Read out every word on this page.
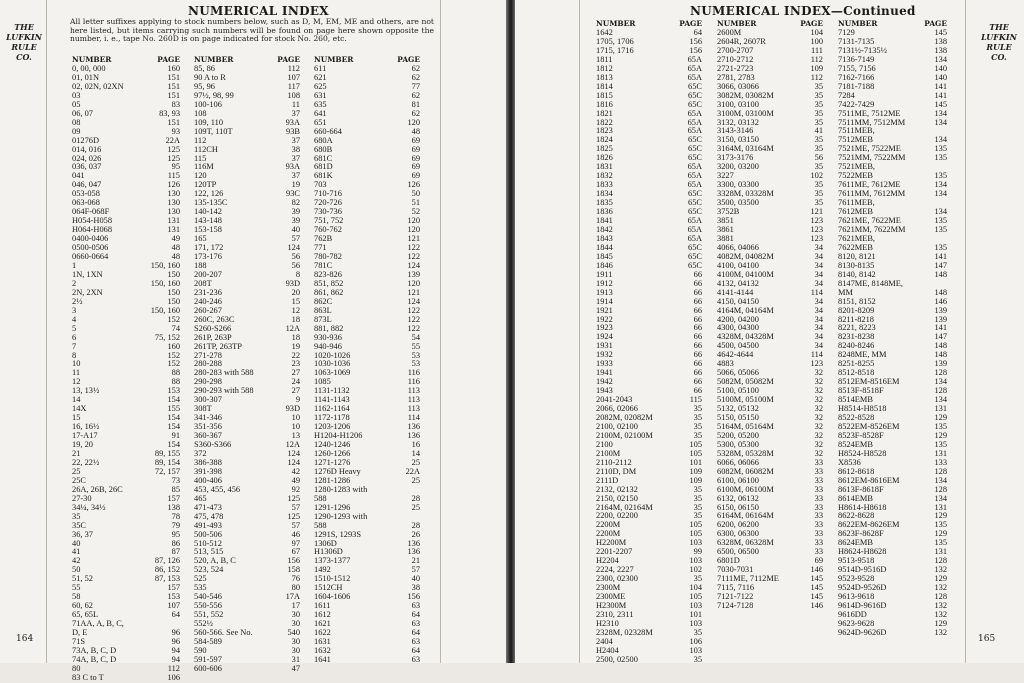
THE
LUFKIN
RULE
CO.
NUMERICAL INDEX
All letter suffixes applying to stock numbers below, such as D, M, EM, ME and others, are not here listed, but items carrying such numbers will be found on page here shown opposite the number, i. e., tape No. 260D is on page indicated for stock No. 260, etc.
NUMBER	PAGE
0, 00, 000	160
01, 01N	151
02, 02N, 02XN	151
03	151
05	83
06, 07	83, 93
08	151
09	93
01276D	22A
014, 016	125
024, 026	125
036, 037	95
041	115
046, 047	126
053-058	130
063-068	130
064F-068F	130
H054-H058	131
H064-H068	131
0400-0406	49
0500-0506	48
0660-0664	48
1	150, 160
1N, 1XN	150
2	150, 160
2N, 2XN	150
2½	150
3	150, 160
4	152
5	74
6	75, 152
7	160
8	152
10	152
11	88
12	88
13, 13½	153
14	154
14X	155
15	154
16, 16½	154
17-A17	91
19, 20	154
21	89, 155
22, 22½	89, 154
25	72, 157
25C	73
26A, 26B, 26C	85
27-30	157
34¼, 34½	138
35	78
35C	79
36, 37	95
40	86
41	87
42	87, 126
50	86, 152
51, 52	87, 153
55	157
58	153
60, 62	107
65, 65L	64
71AA, A, B, C,
D, E	96
71S	96
73A, B, C, D	94
74A, B, C, D	94
80	112
83 C to T	106
NUMBER	PAGE
85, 86	112
90 A to R	107
95, 96	117
97½, 98, 99	108
100-106	11
108	37
109, 110	93A
109T, 110T	93B
112	37
112CH	38
115	37
116M	93A
120	37
120TP	19
122, 126	93C
135-135C	82
140-142	39
143-148	39
153-158	40
165	57
171, 172	124
173-176	56
188	56
200-207	8
208T	93D
231-236	20
240-246	15
260-267	12
260C, 263C	18
S260-S266	12A
261P, 263P	18
261TP, 263TP	19
271-278	22
280-288	23
280-283 with 588	27
290-298	24
290-293 with 588	27
300-307	9
308T	93D
341-346	10
351-356	10
360-367	13
S360-S366	12A
372	124
386-388	124
391-398	42
400-406	49
453, 455, 456	92
465	125
471-473	57
475, 478	125
491-493	57
500-506	46
510-512	97
513, 515	67
520, A, B, C	156
523, 524	158
525	76
535	80
540-546	17A
550-556	17
551, 552	30
552½	30
560-566. See No.	540
584-589	30
590	30
591-597	31
600-606	47
NUMBER	PAGE
611	62
621	62
625	77
631	62
635	81
641	62
651	120
660-664	48
680A	69
680B	69
681C	69
681D	69
681K	69
703	126
710-716	50
720-726	51
730-736	52
751, 752	120
760-762	120
762B	121
771	122
780-782	122
781C	124
823-826	139
851, 852	120
861, 862	121
862C	124
863L	122
873L	122
881, 882	122
930-936	54
940-946	55
1020-1026	53
1030-1036	53
1063-1069	116
1085	116
1131-1132	113
1141-1143	113
1162-1164	113
1172-1178	114
1203-1206	136
H1204-H1206	136
1240-1246	16
1260-1266	14
1271-1276	25
1276D Heavy	22A
1281-1286	25
1280-1283 with
588	28
1291-1296	25
1290-1293 with
588	28
1291S, 1293S	26
1306D	136
H1306D	136
1373-1377	21
1492	57
1510-1512	40
1512CH	38
1604-1606	156
1611	63
1612	64
1621	63
1622	64
1631	63
1632	64
1641	63
164
NUMERICAL INDEX—Continued
NUMBER	PAGE
1642	64
1705, 1706	156
1715, 1716	156
1811	65A
1812	65A
1813	65A
1814	65C
1815	65C
1816	65C
1821	65A
1822	65A
1823	65A
1824	65C
1825	65C
1826	65C
1831	65A
1832	65A
1833	65A
1834	65C
1835	65C
1836	65C
1841	65A
1842	65A
1843	65A
1844	65C
1845	65C
1846	65C
1911	66
1912	66
1913	66
1914	66
1921	66
1922	66
1923	66
1924	66
1931	66
1932	66
1933	66
1941	66
1942	66
1943	66
2041-2043	115
2066, 02066	35
2082M, 02082M	35
2100, 02100	35
2100M, 02100M	35
2100	105
2100M	105
2110-2112	101
2110D, DM	109
2111D	109
2132, 02132	35
2150, 02150	35
2164M, 02164M	35
2200, 02200	35
2200M	105
2200M	105
H2200M	103
2201-2207	99
H2204	103
2224, 2227	102
2300, 02300	35
2300M	104
2300ME	105
H2300M	103
2310, 2311	101
H2310	103
2328M, 02328M	35
2404	106
H2404	103
2500, 02500	35
NUMBER	PAGE
2600M	104
2604R, 2607R	100
2700-2707	111
2710-2712	112
2721-2723	109
2781, 2783	112
3066, 03066	35
3082M, 03082M	35
3100, 03100	35
3100M, 03100M	35
3132, 03132	35
3143-3146	41
3150, 03150	35
3164M, 03164M	35
3173-3176	56
3200, 03200	35
3227	102
3300, 03300	35
3328M, 03328M	35
3500, 03500	35
3752B	121
3851	123
3861	123
3881	123
4066, 04066	34
4082M, 04082M	34
4100, 04100	34
4100M, 04100M	34
4132, 04132	34
4141-4144	114
4150, 04150	34
4164M, 04164M	34
4200, 04200	34
4300, 04300	34
4328M, 04328M	34
4500, 04500	34
4642-4644	114
4883	123
5066, 05066	32
5082M, 05082M	32
5100, 05100	32
5100M, 05100M	32
5132, 05132	32
5150, 05150	32
5164M, 05164M	32
5200, 05200	32
5300, 05300	32
5328M, 05328M	32
6066, 06066	33
6082M, 06082M	33
6100, 06100	33
6100M, 06100M	33
6132, 06132	33
6150, 06150	33
6164M, 06164M	33
6200, 06200	33
6300, 06300	33
6328M, 06328M	33
6500, 06500	33
6801D	69
7030-7031	146
7111ME, 7112ME	145
7115, 7116	145
7121-7122	145
7124-7128	146
NUMBER	PAGE
7129	145
7131-7135	138
7131½-7135½	138
7136-7149	134
7155, 7156	140
7162-7166	140
7181-7188	141
7284	141
7422-7429	145
7511ME, 7512ME	134
7511MM, 7512MM	134
7511MEB,
7512MEB	134
7521ME, 7522ME	135
7521MM, 7522MM	135
7521MEB,
7522MEB	135
7611ME, 7612ME	134
7611MM, 7612MM	134
7611MEB,
7612MEB	134
7621ME, 7622ME	135
7621MM, 7622MM	135
7621MEB,
7622MEB	135
8120, 8121	141
8130-8135	147
8140, 8142	148
8147ME, 8148ME,
MM	148
8151, 8152	146
8201-8209	139
8211-8218	139
8221, 8223	141
8231-8238	147
8240-8246	148
8248ME, MM	148
8251-8255	139
8512-8518	128
8512EM-8516EM	134
8513F-8518F	128
8514EMB	134
H8514-H8518	131
8522-8528	129
8522EM-8526EM	135
8523F-8528F	129
8524EMB	135
H8524-H8528	131
X8536	133
8612-8618	128
8612EM-8616EM	134
8613F-8618F	128
8614EMB	134
H8614-H8618	131
8622-8628	129
8622EM-8626EM	135
8623F-8628F	129
8624EMB	135
H8624-H8628	131
9513-9518	128
9514D-9516D	132
9523-9528	129
9524D-9526D	132
9613-9618	128
9614D-9616D	132
9616DD	132
9623-9628	129
9624D-9626D	132
THE
LUFKIN
RULE
CO.
165
